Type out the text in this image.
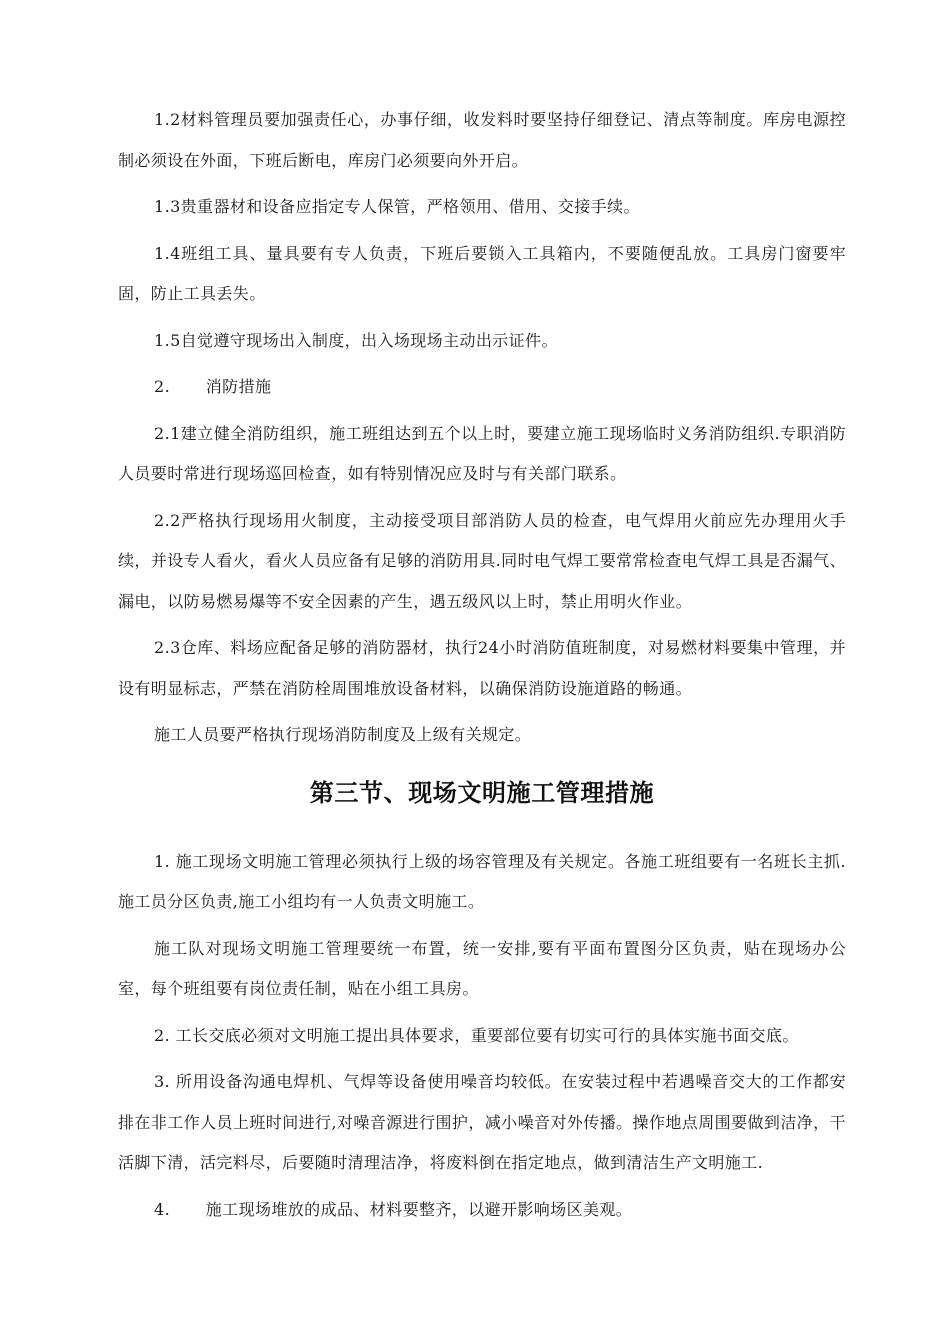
1.2材料管理员要加强责任心，办事仔细，收发料时要坚持仔细登记、清点等制度。库房电源控制必须设在外面，下班后断电，库房门必须要向外开启。

1.3贵重器材和设备应指定专人保管，严格领用、借用、交接手续。

1.4班组工具、量具要有专人负责，下班后要锁入工具箱内，不要随便乱放。工具房门窗要牢固，防止工具丢失。

1.5自觉遵守现场出入制度，出入场现场主动出示证件。

2.	消防措施

2.1建立健全消防组织，施工班组达到五个以上时，要建立施工现场临时义务消防组织.专职消防人员要时常进行现场巡回检查，如有特别情况应及时与有关部门联系。

2.2严格执行现场用火制度，主动接受项目部消防人员的检查，电气焊用火前应先办理用火手续，并设专人看火，看火人员应备有足够的消防用具.同时电气焊工要常常检查电气焊工具是否漏气、漏电，以防易燃易爆等不安全因素的产生，遇五级风以上时，禁止用明火作业。

2.3仓库、料场应配备足够的消防器材，执行24小时消防值班制度，对易燃材料要集中管理，并设有明显标志，严禁在消防栓周围堆放设备材料，以确保消防设施道路的畅通。

施工人员要严格执行现场消防制度及上级有关规定。

第三节、现场文明施工管理措施

1. 施工现场文明施工管理必须执行上级的场容管理及有关规定。各施工班组要有一名班长主抓.施工员分区负责,施工小组均有一人负责文明施工。

施工队对现场文明施工管理要统一布置，统一安排,要有平面布置图分区负责，贴在现场办公室，每个班组要有岗位责任制，贴在小组工具房。

2. 工长交底必须对文明施工提出具体要求，重要部位要有切实可行的具体实施书面交底。

3. 所用设备沟通电焊机、气焊等设备使用噪音均较低。在安装过程中若遇噪音交大的工作都安排在非工作人员上班时间进行,对噪音源进行围护，减小噪音对外传播。操作地点周围要做到洁净，干活脚下清，活完料尽，后要随时清理洁净，将废料倒在指定地点，做到清洁生产文明施工.

4.	施工现场堆放的成品、材料要整齐，以避开影响场区美观。
